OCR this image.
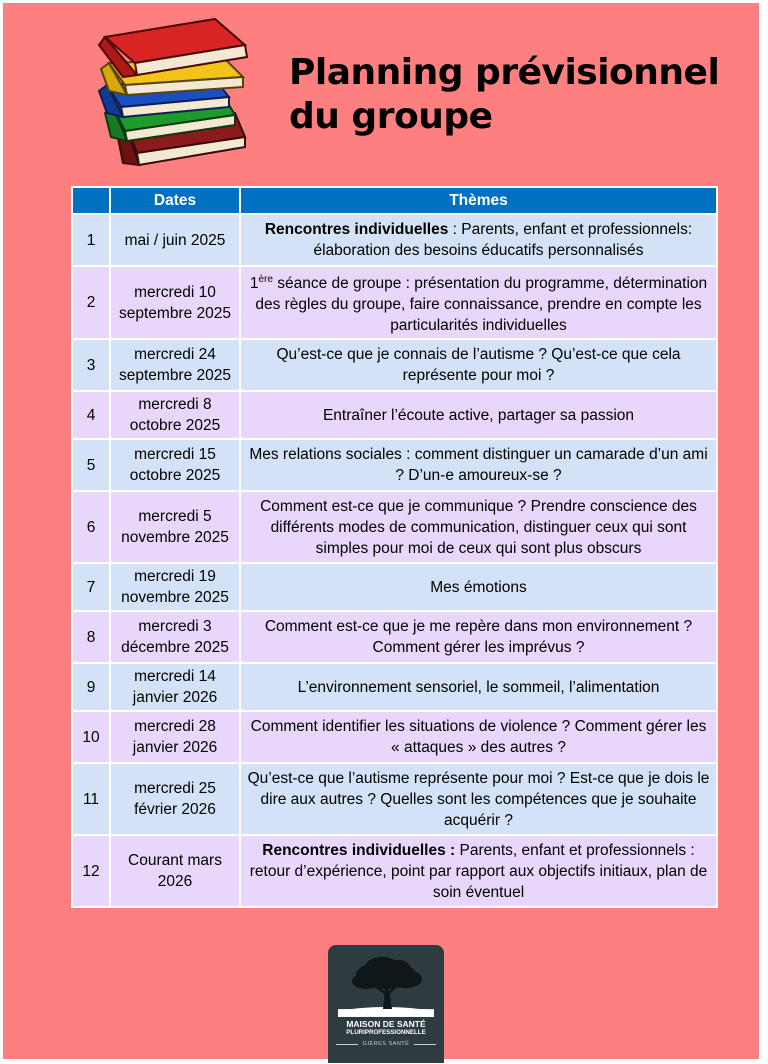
Planning prévisionnel
du groupe
	Dates	Thèmes
1	mai / juin 2025	Rencontres individuelles : Parents, enfant et professionnels: élaboration des besoins éducatifs personnalisés
2	mercredi 10 septembre 2025	1ère séance de groupe : présentation du programme, détermination des règles du groupe, faire connaissance, prendre en compte les particularités individuelles
3	mercredi 24 septembre 2025	Qu’est-ce que je connais de l’autisme ? Qu’est-ce que cela représente pour moi ?
4	mercredi 8 octobre 2025	Entraîner l’écoute active, partager sa passion
5	mercredi 15 octobre 2025	Mes relations sociales : comment distinguer un camarade d’un ami ? D’un-e amoureux-se ?
6	mercredi 5 novembre 2025	Comment est-ce que je communique ? Prendre conscience des différents modes de communication, distinguer ceux qui sont simples pour moi de ceux qui sont plus obscurs
7	mercredi 19 novembre 2025	Mes émotions
8	mercredi 3 décembre 2025	Comment est-ce que je me repère dans mon environnement ? Comment gérer les imprévus ?
9	mercredi 14 janvier 2026	L’environnement sensoriel, le sommeil, l’alimentation
10	mercredi 28 janvier 2026	Comment identifier les situations de violence ? Comment gérer les « attaques » des autres ?
11	mercredi 25 février 2026	Qu’est-ce que l’autisme représente pour moi ? Est-ce que je dois le dire aux autres ? Quelles sont les compétences que je souhaite acquérir ?
12	Courant mars 2026	Rencontres individuelles : Parents, enfant et professionnels : retour d’expérience, point par rapport aux objectifs initiaux, plan de soin éventuel
MAISON DE SANTÉ
PLURIPROFESSIONNELLE
GIÈRES SANTÉ
